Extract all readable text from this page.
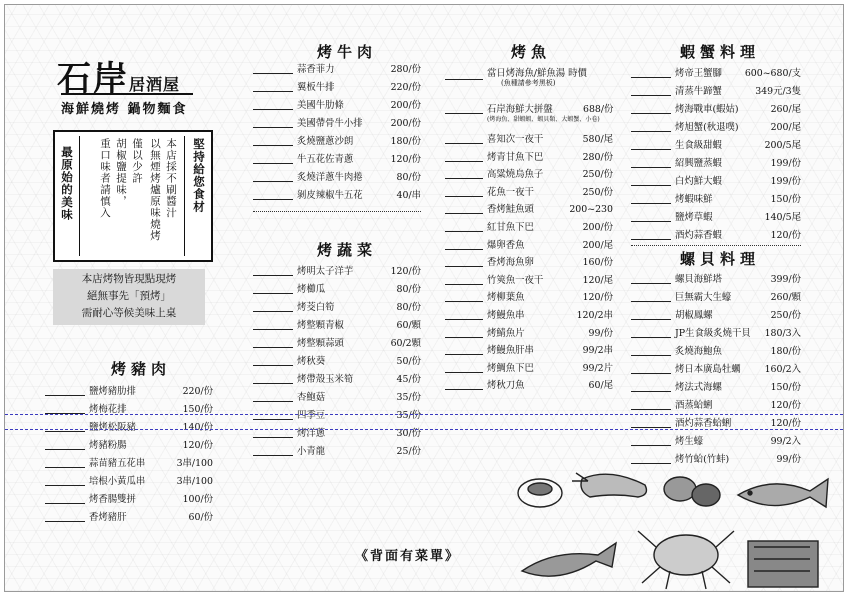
石岸居酒屋
海鮮燒烤 鍋物麵食
堅持給您食材
本店採不刷醬汁
以無煙烤爐原味燒烤
僅以少許
胡椒鹽提味，
重口味者請慎入
最原始的美味
本店烤物皆現點現烤
絕無事先「預烤」
需耐心等候美味上桌
烤豬肉
鹽烤豬肋排	220/份
烤梅花排	150/份
鹽烤松阪豬	140/份
烤豬粉腸	120/份
蒜苗豬五花串	3串/100
培根小黃瓜串	3串/100
烤香腸雙拼	100/份
香烤豬肝	60/份
烤牛肉
蒜香菲力	280/份
翼板牛排	220/份
美國牛肋條	200/份
美國帶骨牛小排	200/份
炙燒鹽蔥沙朗	180/份
牛五花佐青蔥	120/份
炙燒洋蔥牛肉捲	80/份
剝皮辣椒牛五花	40/串
烤蔬菜
烤明太子洋芋	120/份
烤櫛瓜	80/份
烤茭白筍	80/份
烤整顆青椒	60/顆
烤整顆蒜頭	60/2顆
烤秋葵	50/份
烤帶殼玉米筍	45/份
杏鮑菇	35/份
四季豆	35/份
烤洋蔥	30/份
小青龍	25/份
烤魚
當日烤海魚/鮮魚湯 時價
(魚種請參考黑板)
石岸海鮮大拼盤	688/份
(烤海魚、甜蝦蝦、蝦貝類、大蝦蟹、小卷)
喜知次一夜干	580/尾
烤青甘魚下巴	280/份
高粱燒烏魚子	250/份
花魚一夜干	250/份
香烤鮭魚頭	200~230
紅甘魚下巴	200/份
爆卵香魚	200/尾
香烤海魚卵	160/份
竹筴魚一夜干	120/尾
烤柳葉魚	120/份
烤鰻魚串	120/2串
烤鯖魚片	99/份
烤鰻魚肝串	99/2串
烤鯛魚下巴	99/2片
烤秋刀魚	60/尾
蝦蟹料理
烤帝王蟹腳 600~680/支
清蒸牛蹄蟹	349元/3隻
烤海戰車(蝦姑)	260/尾
烤旭蟹(秋退噗)	200/尾
生食級甜蝦	200/5尾
紹興鹽蒸蝦	199/份
白灼鮮大蝦	199/份
烤蝦味鮮	150/份
鹽烤草蝦	140/5尾
酒灼蒜香蝦	120/份
螺貝料理
螺貝海鮮塔	399/份
巨無霸大生蠔	260/顆
胡椒鳳螺	250/份
JP生食級炙燒干貝 180/3入
炙燒海鮑魚	180/份
烤日本廣島牡蠣	160/2入
烤法式海螺	150/份
酒蒸蛤蜊	120/份
酒灼蒜香蛤蜊	120/份
烤生蠔	99/2入
烤竹蛤(竹蚌)	99/份
《背面有菜單》
